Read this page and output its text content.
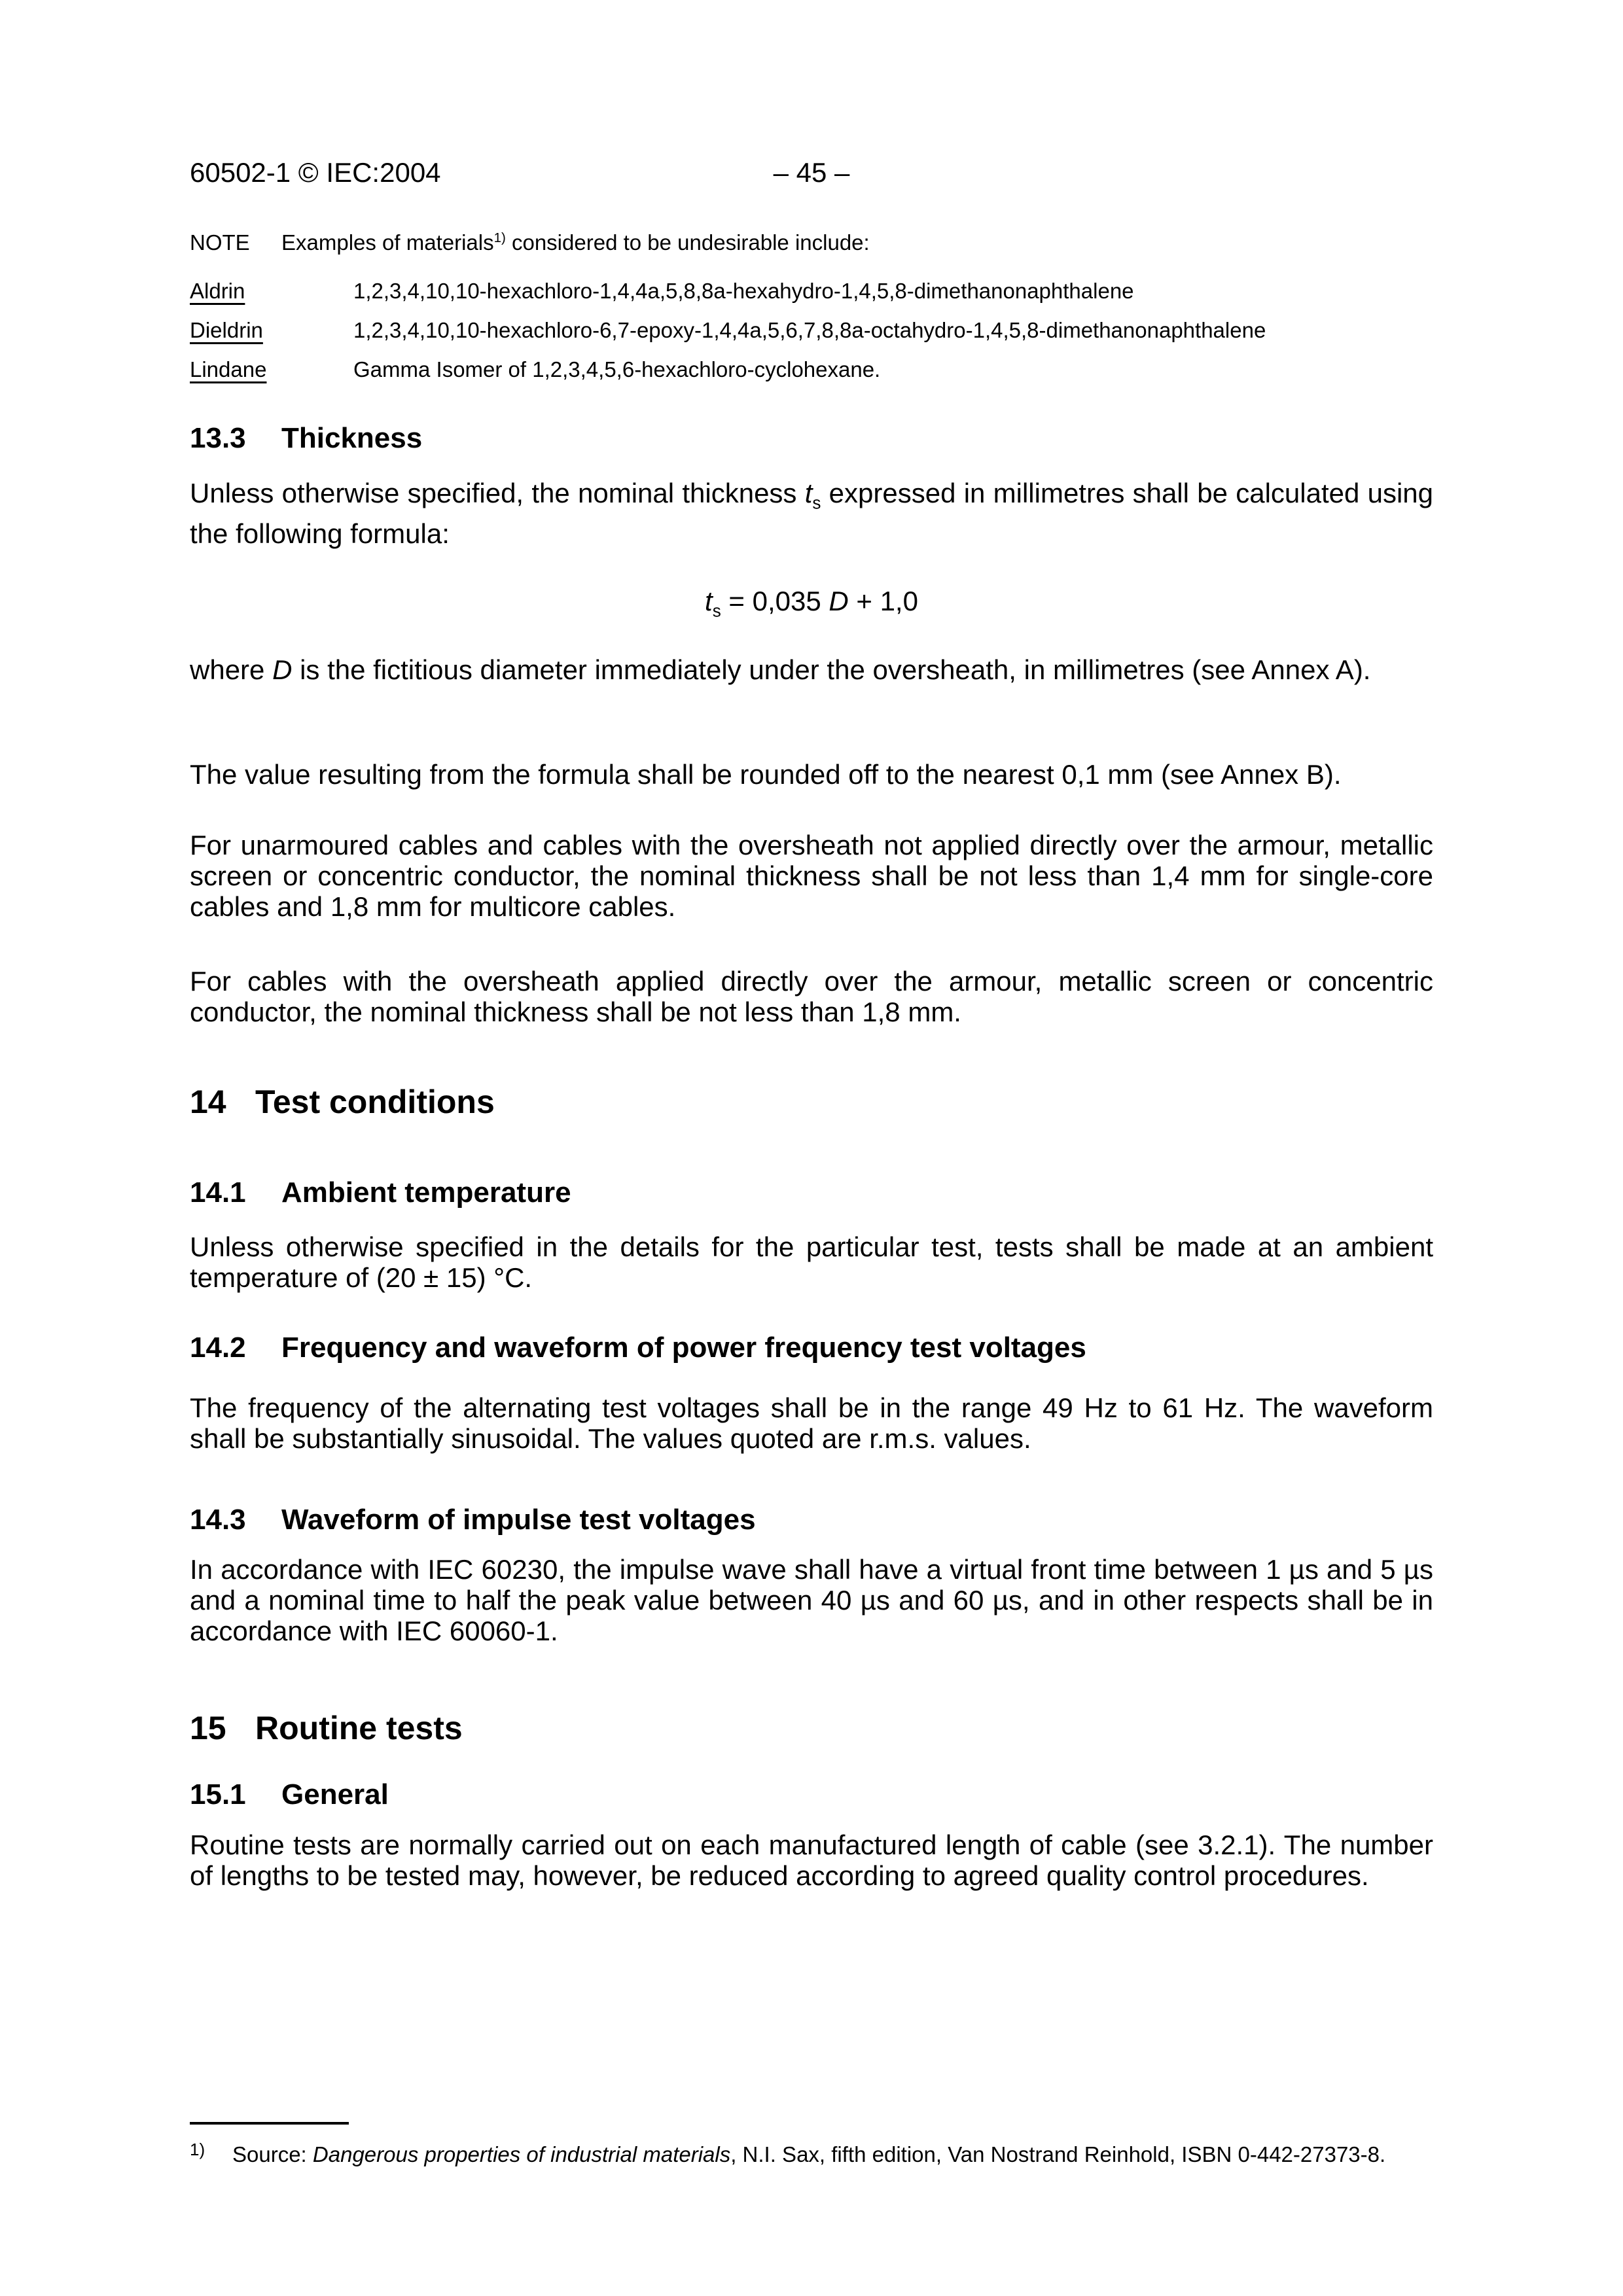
60502-1 © IEC:2004	– 45 –
NOTE Examples of materials$^{1)}$ considered to be undesirable include:
Aldrin	1,2,3,4,10,10-hexachloro-1,4,4a,5,8,8a-hexahydro-1,4,5,8-dimethanonaphthalene
Dieldrin	1,2,3,4,10,10-hexachloro-6,7-epoxy-1,4,4a,5,6,7,8,8a-octahydro-1,4,5,8-dimethanonaphthalene
Lindane	Gamma Isomer of 1,2,3,4,5,6-hexachloro-cyclohexane.
13.3 Thickness
Unless otherwise specified, the nominal thickness $t_s$ expressed in millimetres shall be calculated using the following formula:
$t_s = 0,035$ D + 1,0
where D is the fictitious diameter immediately under the oversheath, in millimetres (see Annex A).
The value resulting from the formula shall be rounded off to the nearest 0,1 mm (see Annex B).
For unarmoured cables and cables with the oversheath not applied directly over the armour, metallic screen or concentric conductor, the nominal thickness shall be not less than 1,4 mm for single-core cables and 1,8 mm for multicore cables.
For cables with the oversheath applied directly over the armour, metallic screen or concentric conductor, the nominal thickness shall be not less than 1,8 mm.
14 Test conditions
14.1 Ambient temperature
Unless otherwise specified in the details for the particular test, tests shall be made at an ambient temperature of (20 ± 15) °C.
14.2 Frequency and waveform of power frequency test voltages
The frequency of the alternating test voltages shall be in the range 49 Hz to 61 Hz. The waveform shall be substantially sinusoidal. The values quoted are r.m.s. values.
14.3 Waveform of impulse test voltages
In accordance with IEC 60230, the impulse wave shall have a virtual front time between 1 µs and 5 µs and a nominal time to half the peak value between 40 µs and 60 µs, and in other respects shall be in accordance with IEC 60060-1.
15 Routine tests
15.1 General
Routine tests are normally carried out on each manufactured length of cable (see 3.2.1). The number of lengths to be tested may, however, be reduced according to agreed quality control procedures.
1)	Source: Dangerous properties of industrial materials, N.I. Sax, fifth edition, Van Nostrand Reinhold, ISBN 0-442-27373-8.
